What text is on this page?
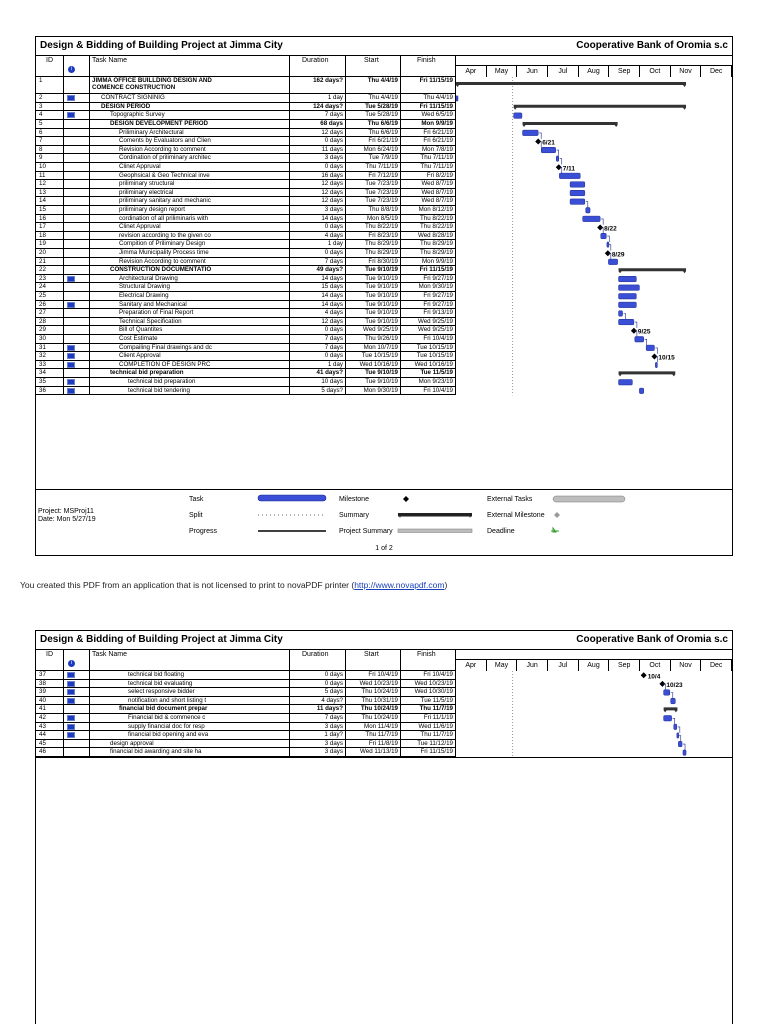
Design & Bidding of Building Project at Jimma City	Cooperative Bank of Oromia s.c
ID	Task Name	Duration	Start	Finish
i	Apr	May	Jun	Jul	Aug	Sep	Oct	Nov	Dec
1	JIMMA OFFICE BUILLDING DESIGN AND
COMENCE CONSTRUCTION
162 days?	Thu 4/4/19	Fri 11/15/19
2	CONTRACT SIGNINIG	1 day	Thu 4/4/19	Thu 4/4/19
3	DESIGN PERIOD	124 days?	Tue 5/28/19	Fri 11/15/19
4	Topographic Survey	7 days	Tue 5/28/19	Wed 6/5/19
5	DESIGN DEVELOPMENT PERIOD	68 days	Thu 6/6/19	Mon 9/9/19
6	Priliminary Architectural	12 days	Thu 6/6/19	Fri 6/21/19
7	Coments by Evaluators and Clien	0 days	Fri 6/21/19	Fri 6/21/19
8	Revision According to comment	11 days	Mon 6/24/19	Mon 7/8/19
9	Cordination of priliminary architec	3 days	Tue 7/9/19	Thu 7/11/19
10	Clinet Appruval	0 days	Thu 7/11/19	Thu 7/11/19
11	Geophsical & Geo Technical inve	16 days	Fri 7/12/19	Fri 8/2/19
12	priliminary structural	12 days	Tue 7/23/19	Wed 8/7/19
13	priliminary electrical	12 days	Tue 7/23/19	Wed 8/7/19
14	priliminary sanitary and mechanic	12 days	Tue 7/23/19	Wed 8/7/19
15	priliminary design report	3 days	Thu 8/8/19	Mon 8/12/19
16	cordination of all priliminaris with	14 days	Mon 8/5/19	Thu 8/22/19
17	Clinet Appruval	0 days	Thu 8/22/19	Thu 8/22/19
18	revision according to the given co	4 days	Fri 8/23/19	Wed 8/28/19
19	Compition of Priliminary Design	1 day	Thu 8/29/19	Thu 8/29/19
20	Jimma Municipality Process time	0 days	Thu 8/29/19	Thu 8/29/19
21	Revision According to comment	7 days	Fri 8/30/19	Mon 9/9/19
22	CONSTRUCTION DOCUMENTATIO	49 days?	Tue 9/10/19	Fri 11/15/19
23	Architectural Drawing	14 days	Tue 9/10/19	Fri 9/27/19
24	Structural Drawing	15 days	Tue 9/10/19	Mon 9/30/19
25	Electrical Drawing	14 days	Tue 9/10/19	Fri 9/27/19
26	Sanitary and Mechanical	14 days	Tue 9/10/19	Fri 9/27/19
27	Preparation of Final Report	4 days	Tue 9/10/19	Fri 9/13/19
28	Technical Specification	12 days	Tue 9/10/19	Wed 9/25/19
29	Bill of Quantites	0 days	Wed 9/25/19	Wed 9/25/19
30	Cost Estimate	7 days	Thu 9/26/19	Fri 10/4/19
31	Compailing Final drawings and dc	7 days	Mon 10/7/19	Tue 10/15/19
32	Client Approval	0 days	Tue 10/15/19	Tue 10/15/19
33	COMPLETION OF DESIGN PRC	1 day	Wed 10/16/19	Wed 10/16/19
34	technical bid preparation	41 days?	Tue 9/10/19	Tue 11/5/19
35	technical bid preparation	10 days	Tue 9/10/19	Mon 9/23/19
36	technical bid tendering	5 days?	Mon 9/30/19	Fri 10/4/19
6/21
7/11
8/22
8/29
9/25
10/15
Project: MSProj11
Date: Mon 5/27/19
Task
Split
Progress
Milestone
Summary
Project Summary
External Tasks
External Milestone
Deadline
1 of 2
You created this PDF from an application that is not licensed to print to novaPDF printer (http://www.novapdf.com)
Design & Bidding of Building Project at Jimma City	Cooperative Bank of Oromia s.c
ID	Task Name	Duration	Start	Finish
i	Apr	May	Jun	Jul	Aug	Sep	Oct	Nov	Dec
37	technical bid floating	0 days	Fri 10/4/19	Fri 10/4/19
38	technical bid evaluating	0 days	Wed 10/23/19	Wed 10/23/19
39	select responsive bidder	5 days	Thu 10/24/19	Wed 10/30/19
40	notification and short listing t	4 days?	Thu 10/31/19	Tue 11/5/19
41	financial bid document prepar	11 days?	Thu 10/24/19	Thu 11/7/19
42	Financial bid & commence c	7 days	Thu 10/24/19	Fri 11/1/19
43	supply financial doc for resp	3 days	Mon 11/4/19	Wed 11/6/19
44	financial bid opening and eva	1 day?	Thu 11/7/19	Thu 11/7/19
45	design approval	3 days	Fri 11/8/19	Tue 11/12/19
46	financial bid awarding and site ha	3 days	Wed 11/13/19	Fri 11/15/19
10/4
10/23
